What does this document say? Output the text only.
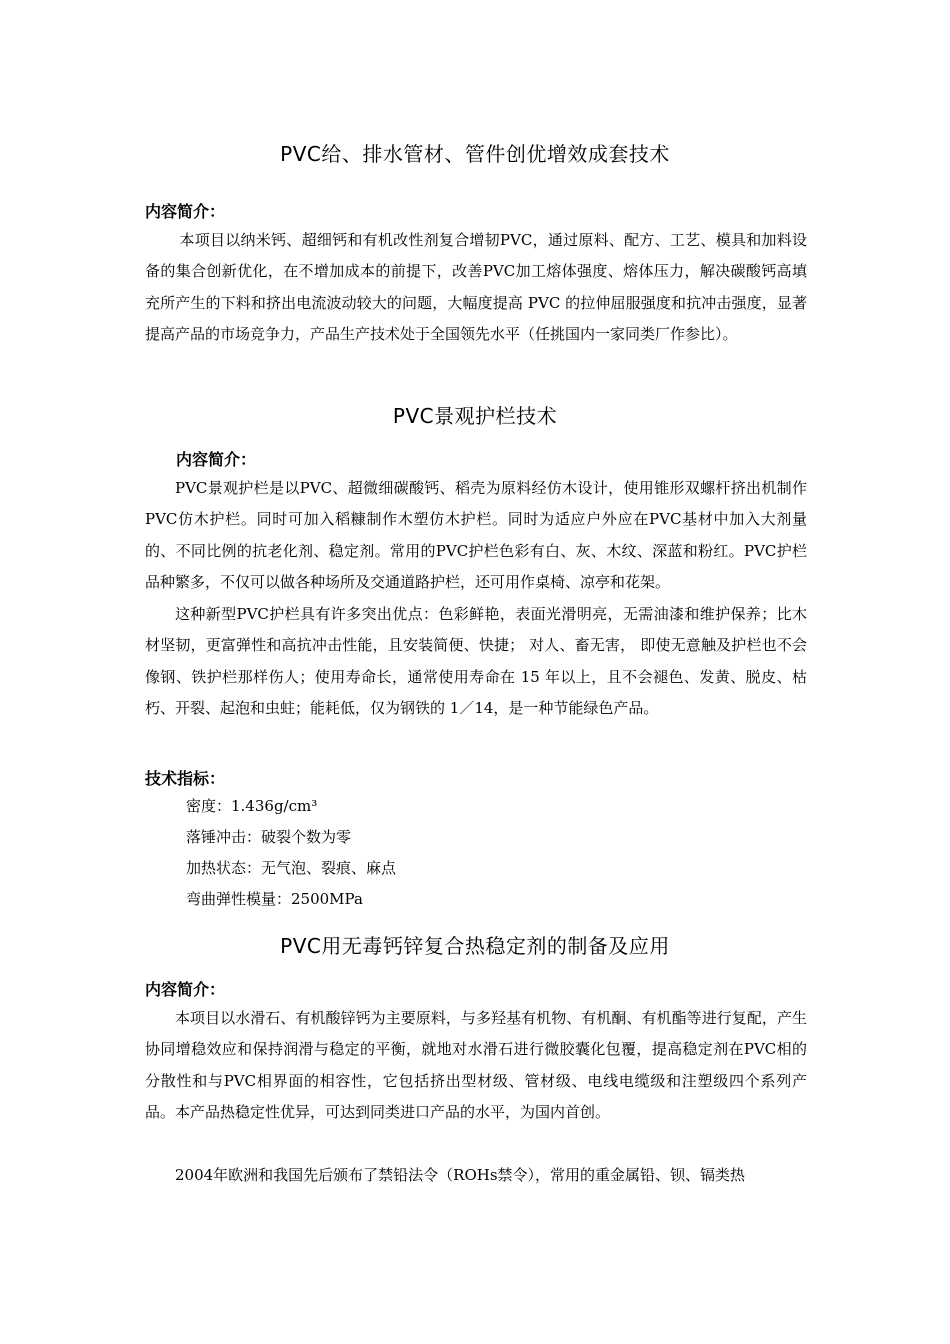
PVC给、排水管材、管件创优增效成套技术
内容简介：

本项目以纳米钙、超细钙和有机改性剂复合增韧PVC，通过原料、配方、工艺、模具和加料设备的集合创新优化，在不增加成本的前提下，改善PVC加工熔体强度、熔体压力，解决碳酸钙高填充所产生的下料和挤出电流波动较大的问题，大幅度提高 PVC 的拉伸屈服强度和抗冲击强度，显著提高产品的市场竞争力，产品生产技术处于全国领先水平（任挑国内一家同类厂作参比）。

PVC景观护栏技术
内容简介：

PVC景观护栏是以PVC、超微细碳酸钙、稻壳为原料经仿木设计，使用锥形双螺杆挤出机制作PVC仿木护栏。同时可加入稻糠制作木塑仿木护栏。同时为适应户外应在PVC基材中加入大剂量的、不同比例的抗老化剂、稳定剂。常用的PVC护栏色彩有白、灰、木纹、深蓝和粉红。PVC护栏品种繁多，不仅可以做各种场所及交通道路护栏，还可用作桌椅、凉亭和花架。

这种新型PVC护栏具有许多突出优点：色彩鲜艳，表面光滑明亮，无需油漆和维护保养；比木材坚韧，更富弹性和高抗冲击性能，且安装简便、快捷； 对人、畜无害， 即使无意触及护栏也不会像钢、铁护栏那样伤人；使用寿命长，通常使用寿命在 15 年以上，且不会褪色、发黄、脱皮、枯朽、开裂、起泡和虫蛀；能耗低，仅为钢铁的 1／14，是一种节能绿色产品。

技术指标：
密度：1.436g/cm³
落锤冲击：破裂个数为零
加热状态：无气泡、裂痕、麻点
弯曲弹性模量：2500MPa
PVC用无毒钙锌复合热稳定剂的制备及应用
内容简介：

本项目以水滑石、有机酸锌钙为主要原料，与多羟基有机物、有机酮、有机酯等进行复配，产生协同增稳效应和保持润滑与稳定的平衡，就地对水滑石进行微胶囊化包覆，提高稳定剂在PVC相的分散性和与PVC相界面的相容性，它包括挤出型材级、管材级、电线电缆级和注塑级四个系列产品。本产品热稳定性优异，可达到同类进口产品的水平，为国内首创。

2004年欧洲和我国先后颁布了禁铅法令（ROHs禁令），常用的重金属铅、钡、镉类热
